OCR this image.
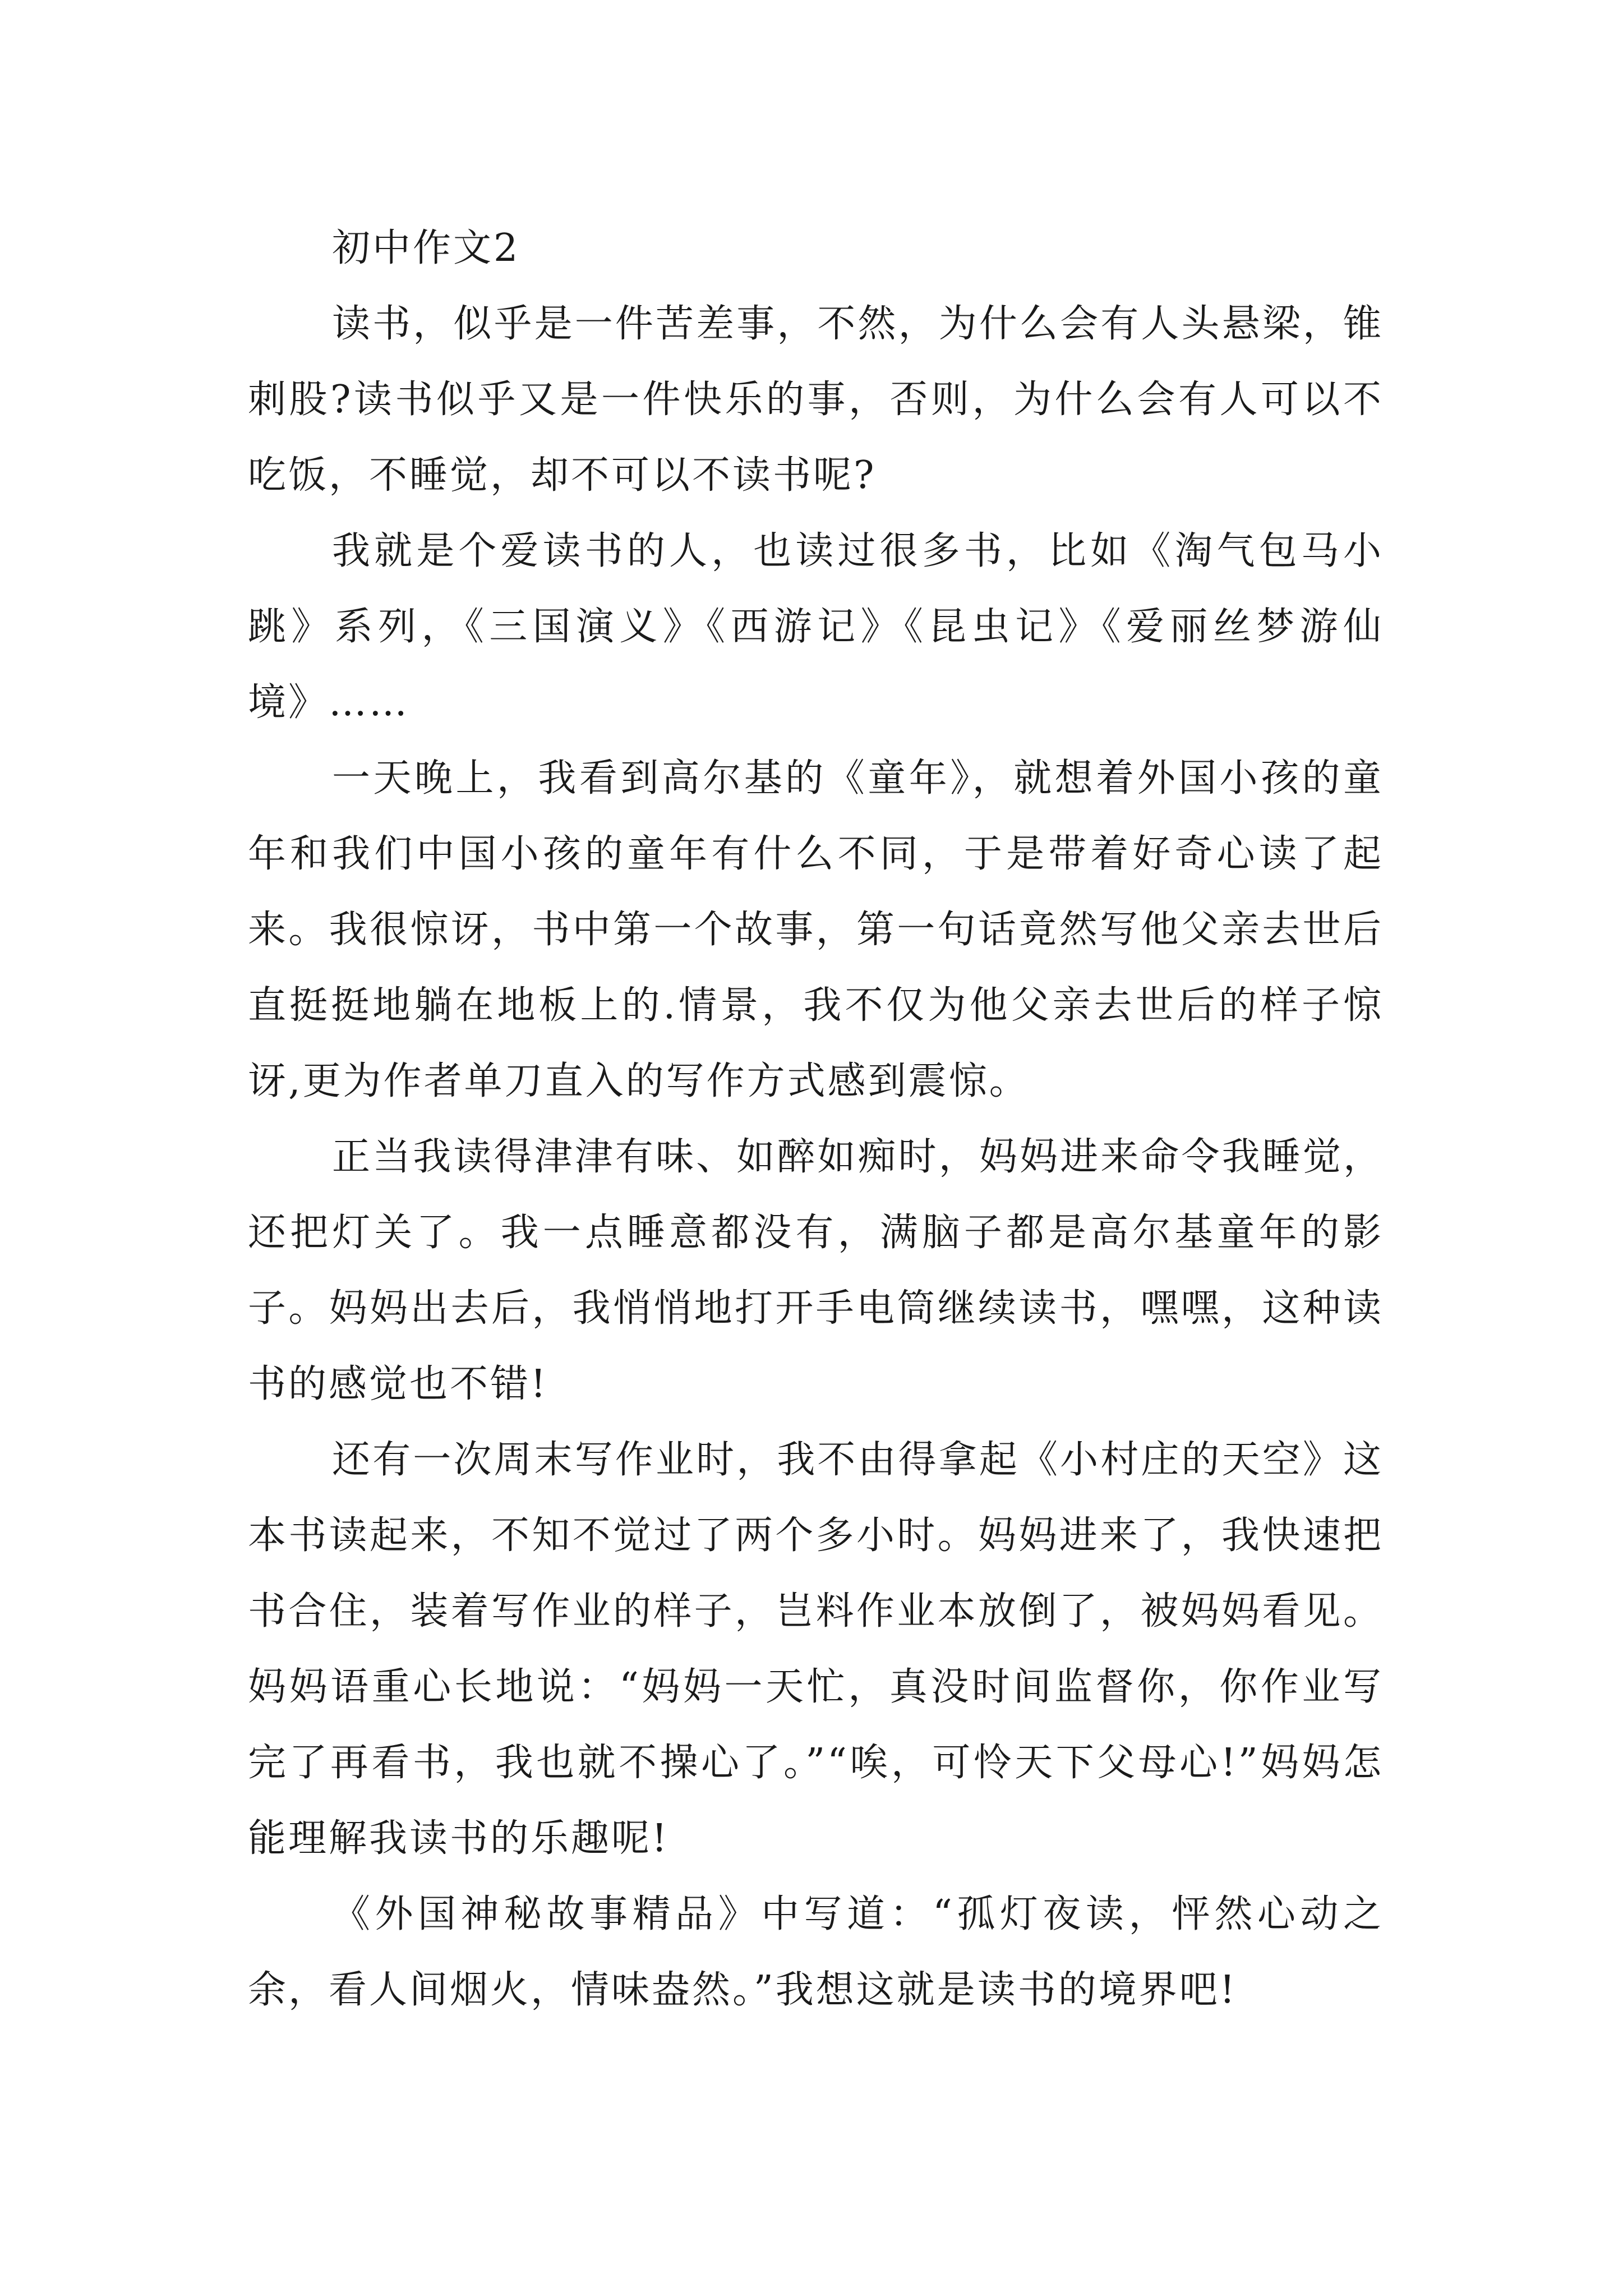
初中作文2

读书，似乎是一件苦差事，不然，为什么会有人头悬梁，锥刺股?读书似乎又是一件快乐的事，否则，为什么会有人可以不吃饭，不睡觉，却不可以不读书呢?

我就是个爱读书的人，也读过很多书，比如《淘气包马小跳》系列，《三国演义》《西游记》《昆虫记》《爱丽丝梦游仙境》……

一天晚上，我看到高尔基的《童年》，就想着外国小孩的童年和我们中国小孩的童年有什么不同，于是带着好奇心读了起来。我很惊讶，书中第一个故事，第一句话竟然写他父亲去世后直挺挺地躺在地板上的.情景，我不仅为他父亲去世后的样子惊讶,更为作者单刀直入的写作方式感到震惊。

正当我读得津津有味、如醉如痴时，妈妈进来命令我睡觉，还把灯关了。我一点睡意都没有，满脑子都是高尔基童年的影子。妈妈出去后，我悄悄地打开手电筒继续读书，嘿嘿，这种读书的感觉也不错!

还有一次周末写作业时，我不由得拿起《小村庄的天空》这本书读起来，不知不觉过了两个多小时。妈妈进来了，我快速把书合住，装着写作业的样子，岂料作业本放倒了，被妈妈看见。妈妈语重心长地说：“妈妈一天忙，真没时间监督你，你作业写完了再看书，我也就不操心了。”“唉，可怜天下父母心!”妈妈怎能理解我读书的乐趣呢!

《外国神秘故事精品》中写道：“孤灯夜读，怦然心动之余，看人间烟火，情味盎然。”我想这就是读书的境界吧!
